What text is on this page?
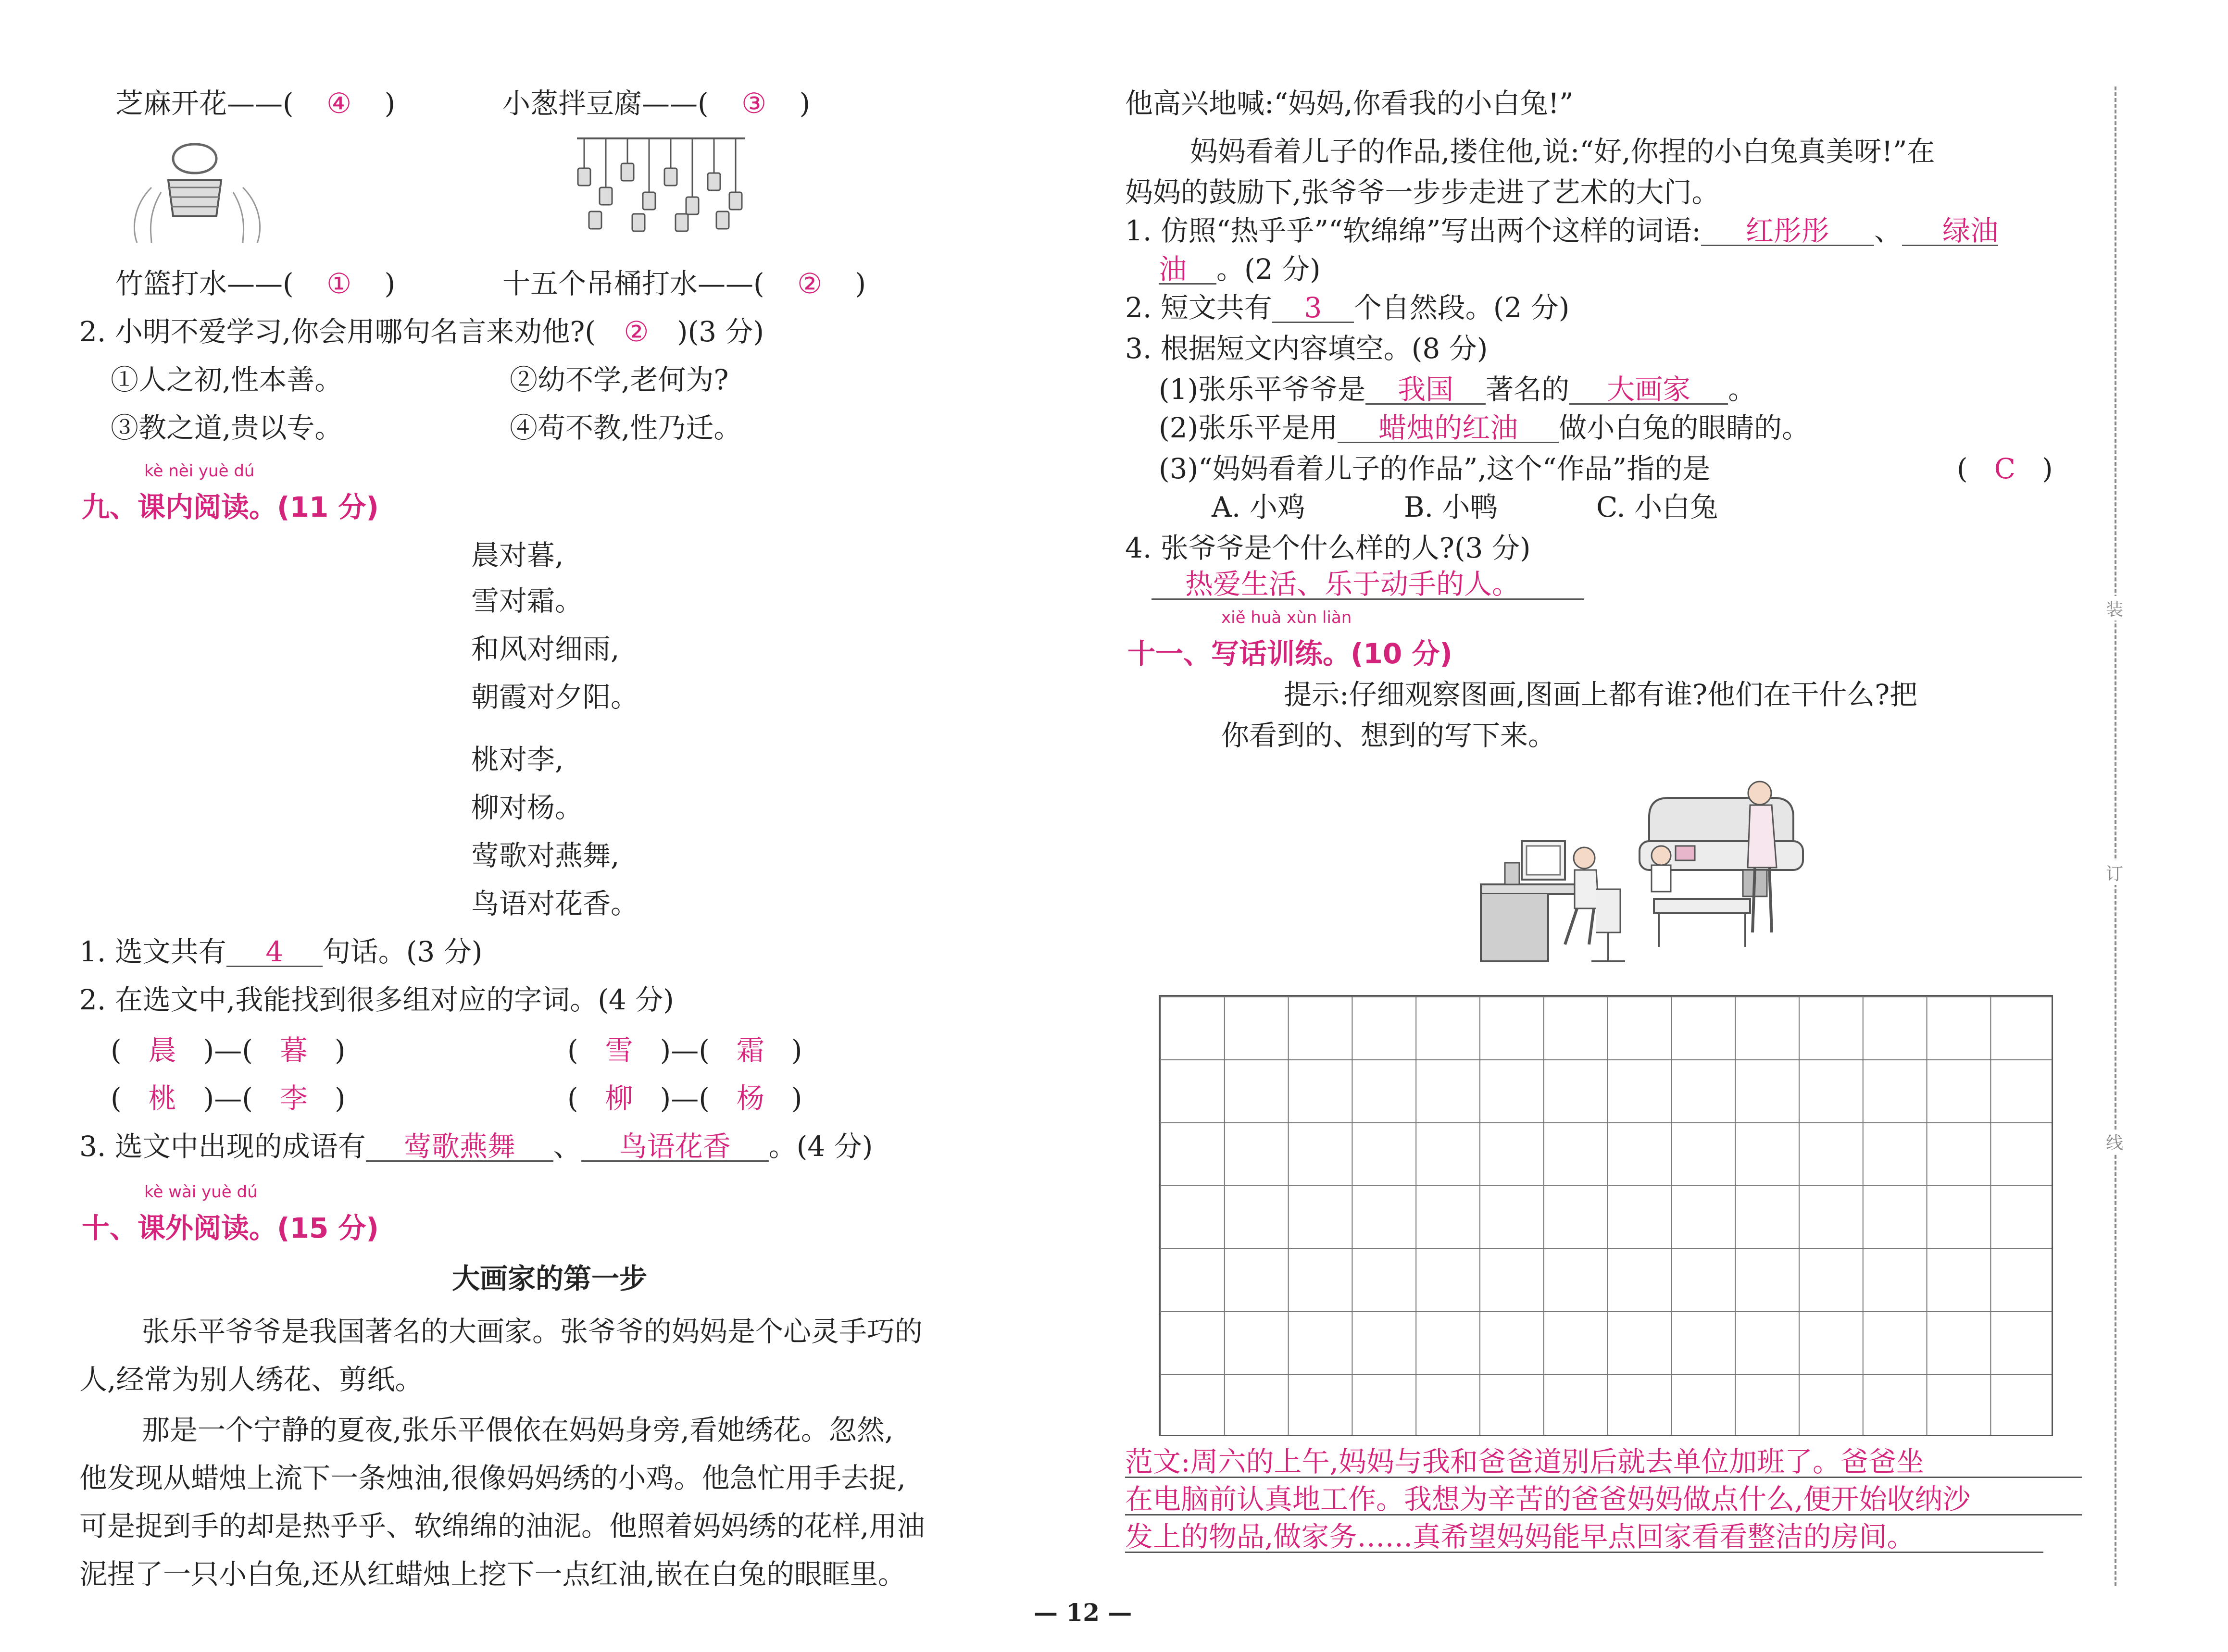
芝麻开花——( ④ )	小葱拌豆腐——( ③ )
竹篮打水——( ① )	十五个吊桶打水——( ② )
2. 小明不爱学习,你会用哪句名言来劝他?( ② )(3 分)
①人之初,性本善。	②幼不学,老何为?
③教之道,贵以专。	④苟不教,性乃迁。
kè nèi yuè dú
九、课内阅读。(11 分)
晨对暮,
雪对霜。
和风对细雨,
朝霞对夕阳。
桃对李,
柳对杨。
莺歌对燕舞,
鸟语对花香。
1. 选文共有 4 句话。(3 分)
2. 在选文中,我能找到很多组对应的字词。(4 分)
( 晨 )—( 暮 )	( 雪 )—( 霜 )
( 桃 )—( 李 )	( 柳 )—( 杨 )
3. 选文中出现的成语有 莺歌燕舞 、 鸟语花香 。(4 分)
kè wài yuè dú
十、课外阅读。(15 分)
大画家的第一步
张乐平爷爷是我国著名的大画家。张爷爷的妈妈是个心灵手巧的
人,经常为别人绣花、剪纸。
那是一个宁静的夏夜,张乐平偎依在妈妈身旁,看她绣花。忽然,
他发现从蜡烛上流下一条烛油,很像妈妈绣的小鸡。他急忙用手去捉,
可是捉到手的却是热乎乎、软绵绵的油泥。他照着妈妈绣的花样,用油
泥捏了一只小白兔,还从红蜡烛上挖下一点红油,嵌在白兔的眼眶里。
— 12 —
他高兴地喊:“妈妈,你看我的小白兔!”
妈妈看着儿子的作品,搂住他,说:“好,你捏的小白兔真美呀!”在
妈妈的鼓励下,张爷爷一步步走进了艺术的大门。
1. 仿照“热乎乎”“软绵绵”写出两个这样的词语: 红彤彤 、 绿油
油 。(2 分)
2. 短文共有 3 个自然段。(2 分)
3. 根据短文内容填空。(8 分)
(1)张乐平爷爷是 我国 著名的 大画家 。
(2)张乐平是用 蜡烛的红油 做小白兔的眼睛的。
(3)“妈妈看着儿子的作品”,这个“作品”指的是	( C )
A. 小鸡	B. 小鸭	C. 小白兔
4. 张爷爷是个什么样的人?(3 分)
热爱生活、乐于动手的人。
xiě huà xùn liàn
十一、写话训练。(10 分)
提示:仔细观察图画,图画上都有谁?他们在干什么?把
你看到的、想到的写下来。
范文:周六的上午,妈妈与我和爸爸道别后就去单位加班了。爸爸坐
在电脑前认真地工作。我想为辛苦的爸爸妈妈做点什么,便开始收纳沙
发上的物品,做家务……真希望妈妈能早点回家看看整洁的房间。
装
订
线
